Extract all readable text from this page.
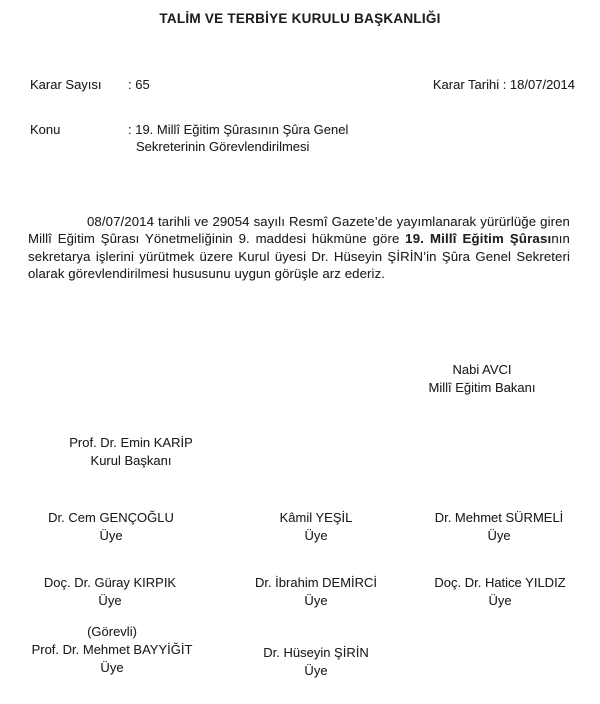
TALİM VE TERBİYE KURULU BAŞKANLIĞI
Karar Sayısı	: 65	Karar Tarihi : 18/07/2014
Konu	: 19. Millî Eğitim Şûrasının Şûra Genel
Sekreterinin Görevlendirilmesi
08/07/2014 tarihli ve 29054 sayılı Resmî Gazete’de yayımlanarak yürürlüğe giren Millî Eğitim Şûrası Yönetmeliğinin 9. maddesi hükmüne göre 19. Millî Eğitim Şûrasının sekretarya işlerini yürütmek üzere Kurul üyesi Dr. Hüseyin ŞİRİN’in Şûra Genel Sekreteri olarak görevlendirilmesi hususunu uygun görüşle arz ederiz.
Nabi AVCI
Millî Eğitim Bakanı
Prof. Dr. Emin KARİP
Kurul Başkanı
Dr. Cem GENÇOĞLU
Üye
Kâmil YEŞİL
Üye
Dr. Mehmet SÜRMELİ
Üye
Doç. Dr. Güray KIRPIK
Üye
Dr. İbrahim DEMİRCİ
Üye
Doç. Dr. Hatice YILDIZ
Üye
(Görevli)
Prof. Dr. Mehmet BAYYİĞİT
Üye
Dr. Hüseyin ŞİRİN
Üye
